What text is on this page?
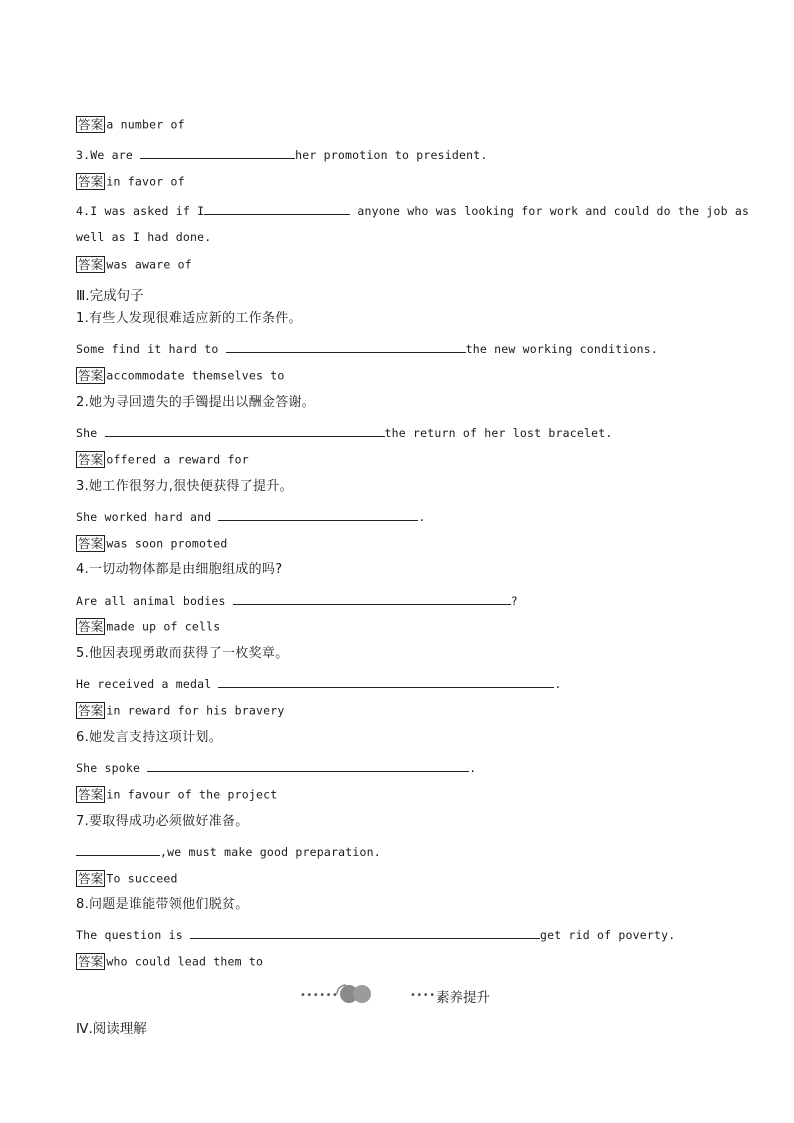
答案 a number of
3.We are	her promotion to president.
答案 in favor of
4.I was asked if I	anyone who was looking for work and could do the job as
well as I had done.
答案 was aware of
Ⅲ.完成句子
1.有些人发现很难适应新的工作条件。
Some find it hard to	the new working conditions.
答案 accommodate themselves to
2.她为寻回遗失的手镯提出以酬金答谢。
She	the return of her lost bracelet.
答案 offered a reward for
3.她工作很努力,很快便获得了提升。
She worked hard and	.
答案 was soon promoted
4.一切动物体都是由细胞组成的吗?
Are all animal bodies	?
答案 made up of cells
5.他因表现勇敢而获得了一枚奖章。
He received a medal	.
答案 in reward for his bravery
6.她发言支持这项计划。
She spoke	.
答案 in favour of the project
7.要取得成功必须做好准备。
,we must make good preparation.
答案 To succeed
8.问题是谁能带领他们脱贫。
The question is	get rid of poverty.
答案 who could lead them to
••••••	•••• 素养提升
Ⅳ.阅读理解
